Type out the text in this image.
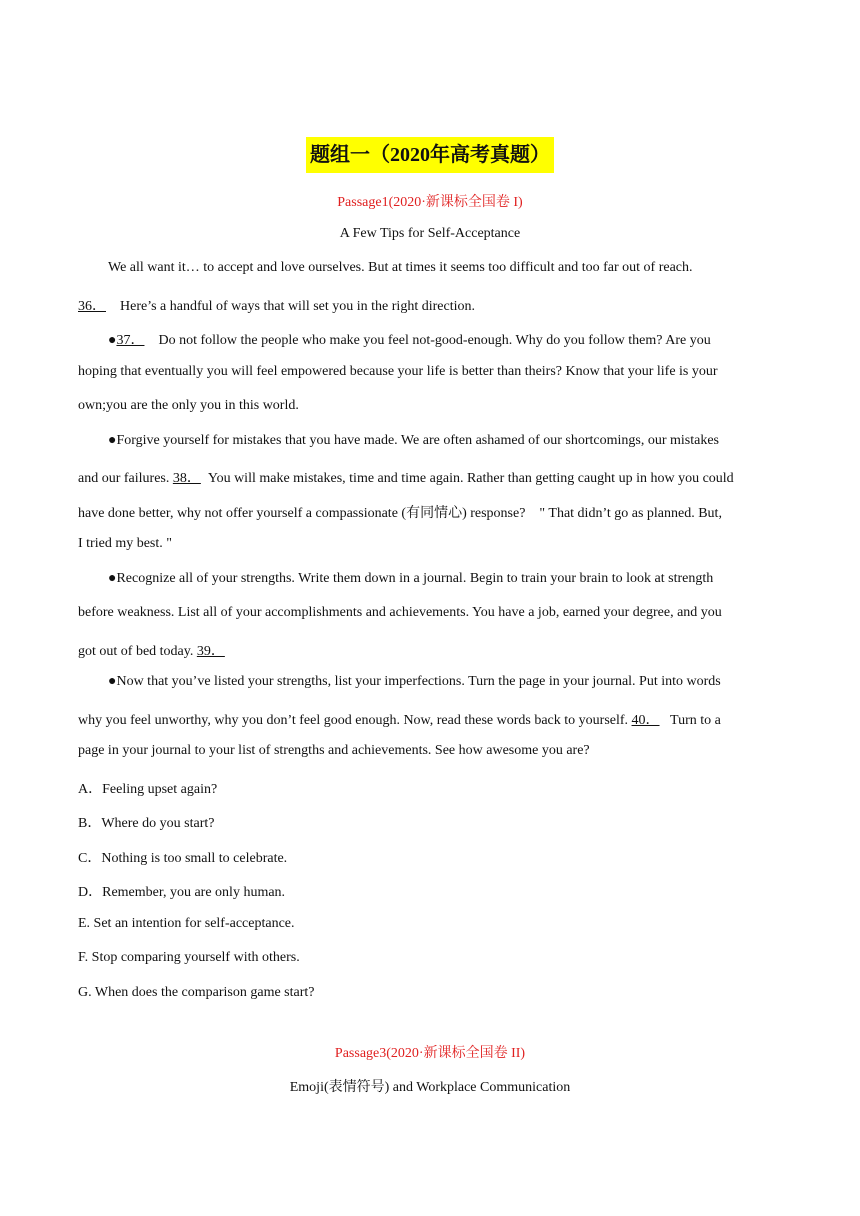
题组一（2020年高考真题）
Passage1(2020·新课标全国卷 I)
A Few Tips for Self-Acceptance
We all want it… to accept and love ourselves. But at times it seems too difficult and too far out of reach.
36． Here’s a handful of ways that will set you in the right direction.
●37． Do not follow the people who make you feel not-good-enough. Why do you follow them? Are you
hoping that eventually you will feel empowered because your life is better than theirs? Know that your life is your
own;you are the only you in this world.
●Forgive yourself for mistakes that you have made. We are often ashamed of our shortcomings, our mistakes
and our failures. 38． You will make mistakes, time and time again. Rather than getting caught up in how you could
have done better, why not offer yourself a compassionate (有同情心) response?　" That didn’t go as planned. But,
I tried my best. "
●Recognize all of your strengths. Write them down in a journal. Begin to train your brain to look at strength
before weakness. List all of your accomplishments and achievements. You have a job, earned your degree, and you
got out of bed today. 39．
●Now that you’ve listed your strengths, list your imperfections. Turn the page in your journal. Put into words
why you feel unworthy, why you don’t feel good enough. Now, read these words back to yourself. 40． Turn to a
page in your journal to your list of strengths and achievements. See how awesome you are?
A．Feeling upset again?
B．Where do you start?
C．Nothing is too small to celebrate.
D．Remember, you are only human.
E. Set an intention for self-acceptance.
F. Stop comparing yourself with others.
G. When does the comparison game start?
Passage3(2020·新课标全国卷 II)
Emoji(表情符号) and Workplace Communication
